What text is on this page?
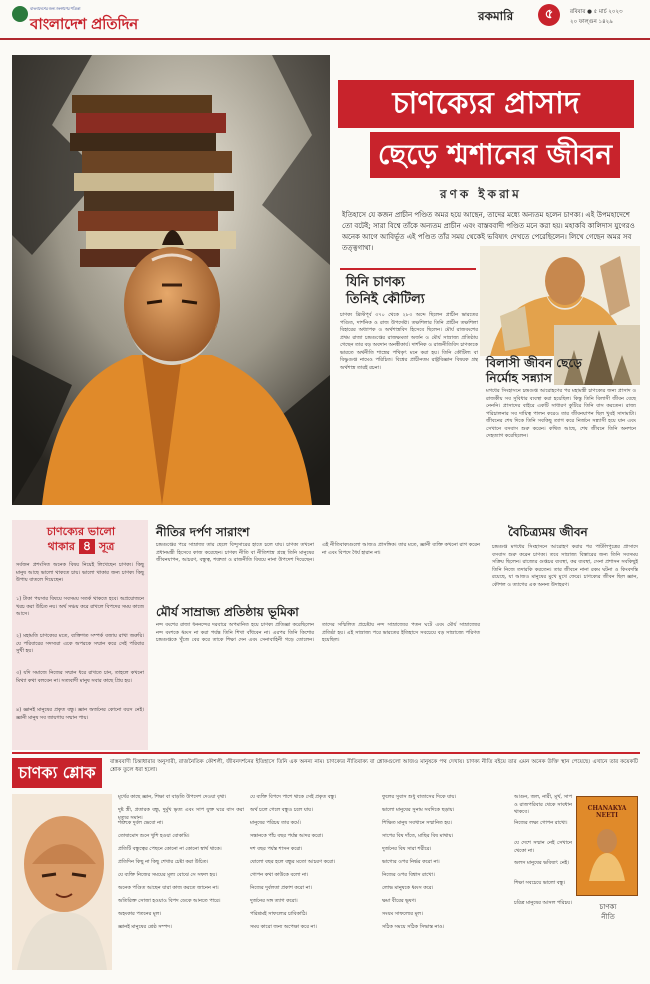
বাংলাদেশের জন্য জনগণের পত্রিকা
বাংলাদেশ প্রতিদিন	রকমারি	৫	রবিবার ● ৫ মার্চ ২০২৩
২০ ফাল্গুন ১৪২৯
চাণক্যের প্রাসাদ
ছেড়ে শ্মশানের জীবন
রণক ইকরাম
ইতিহাসে যে কজন প্রাচীন পণ্ডিত অমর হয়ে আছেন, তাদের মধ্যে অন্যতম হলেন চাণক্য। এই উপমহাদেশে তো বটেই; সারা বিশ্বে তাঁকে অন্যতম প্রাচীন এবং বাস্তববাদী পণ্ডিত মনে করা হয়। মহাকবি কালিদাস যুগেরও অনেক আগে আবির্ভূত এই পণ্ডিত তাঁর সময় থেকেই ভবিষ্যৎ দেখতে পেরেছিলেন। লিখে গেছেন অমর সব তত্ত্বগাথা।
যিনি চাণক্য
তিনিই কৌটিল্য
চাণক্য খ্রিস্টপূর্ব ৩৭০ থেকে ২৮৩ অব্দে ছিলেন প্রাচীন ভারতের পণ্ডিত, দার্শনিক ও রাজ উপদেষ্টা। তক্ষশিলার তিনি প্রাচীন তক্ষশিলা বিহারের অধ্যাপক ও অর্থশাস্ত্রবিদ হিসেবে ছিলেন। মৌর্য রাজবংশের প্রথম রাজা চন্দ্রগুপ্তের রাজক্ষমতা অর্জন ও মৌর্য সাম্রাজ্য প্রতিষ্ঠায় গেছেন তার বড় অবদান অনস্বীকার্য। দার্শনিক ও রাজনীতিবিদ চাণক্যকে ভারতে অর্থনীতি শাস্ত্রের পথিকৃৎ মনে করা হয়। তিনি কৌটিল্য বা বিষ্ণুগুপ্ত নামেও পরিচিত। বিশ্বের প্রাচীনতম রাষ্ট্রবিজ্ঞান বিষয়ক গ্রন্থ অর্থশাস্ত্র তারই রচনা।	বিলাসী জীবন ছেড়ে
নির্মোহ সন্ন্যাস
মগধের সিংহাসনে চন্দ্রগুপ্ত আরোহণের পর মহামন্ত্রী চাণক্যের জন্য প্রাসাদ ও রাজকীয় সব সুবিধার ব্যবস্থা করা হয়েছিল। কিন্তু তিনি বিলাসী জীবন বেছে নেননি। প্রাসাদের বাইরে একটি সাধারণ কুটিরে তিনি বাস করতেন। রাজ্য পরিচালনার সব দায়িত্ব পালন করেও তার জীবনযাপন ছিল খুবই সাদামাটা। জীবনের শেষ দিকে তিনি সবকিছু ত্যাগ করে নির্জনে সন্ন্যাসী হয়ে যান এবং সেখানে বসবাস শুরু করেন। কথিত আছে, শেষ জীবনে তিনি অনশনে দেহত্যাগ করেছিলেন।
চাণক্যের ভালো
থাকার ৪ সূত্র
সর্বজন প্রশংসিত অনেক বিষয় নিয়েই লিখেছেন চাণক্য। কিছু মানুষ আছে ভালো থাকতে চায়। ভালো থাকার জন্য চাণক্য কিছু উপায় বাতলে দিয়েছেন।
১) টাকা পয়সার বিষয়ে সবসময় সতর্ক থাকতে হবে। অপ্রয়োজনে খরচ করা উচিত নয়। অর্থ সঞ্চয় করে রাখলে বিপদের সময় কাজে আসে।
২) মহামতি চাণক্যের মতে, ব্যক্তিগত সম্পর্ক বজায় রাখা জরুরি। যে পরিবারের সদস্যরা একে অপরকে সম্মান করে সেই পরিবার সুখী হয়।
৩) যদি সমাজে নিজের সম্মান ধরে রাখতে চান, তাহলে কখনো মিথ্যা কথা বলবেন না। সত্যবাদী মানুষ সবার কাছে প্রিয় হয়।
৪) জ্ঞানই মানুষের প্রকৃত বন্ধু। জ্ঞান অর্জনের কোনো বয়স নেই। জ্ঞানী মানুষ সব জায়গায় সম্মান পায়।
নীতির দর্পণ সারাংশ
চন্দ্রগুপ্তের পরে সাম্রাজ্য তার ছেলে বিন্দুসারের হাতে চলে যায়। চাণক্য তখনো প্রধানমন্ত্রী হিসেবে কাজ করেছেন। চাণক্য নীতি বা নীতিশাস্ত্র গ্রন্থে তিনি মানুষের জীবনযাপন, আচরণ, বন্ধুত্ব, শত্রুতা ও রাজনীতি বিষয়ে নানা উপদেশ দিয়েছেন। এই নীতিবাক্যগুলো আজও প্রাসঙ্গিক। তার মতে, জ্ঞানী ব্যক্তি কখনো রাগ করেন না এবং বিপদে ধৈর্য হারান না।
মৌর্য সাম্রাজ্য প্রতিষ্ঠায় ভূমিকা
নন্দ বংশের রাজা ধননন্দের দরবারে অপমানিত হয়ে চাণক্য প্রতিজ্ঞা করেছিলেন নন্দ বংশকে ধ্বংস না করা পর্যন্ত তিনি শিখা বাঁধবেন না। এরপর তিনি কিশোর চন্দ্রগুপ্তকে খুঁজে বের করে তাকে শিক্ষা দেন এবং সেনাবাহিনী গড়ে তোলেন। তাদের সম্মিলিত প্রচেষ্টায় নন্দ সাম্রাজ্যের পতন ঘটে এবং মৌর্য সাম্রাজ্যের প্রতিষ্ঠা হয়। এই সাম্রাজ্য পরে ভারতের ইতিহাসে সবচেয়ে বড় সাম্রাজ্যে পরিণত হয়েছিল।
বৈচিত্র্যময় জীবন
চন্দ্রগুপ্ত মগধের সিংহাসনে আরোহণ করার পর পাটলিপুত্রের প্রাসাদে বসবাস শুরু করেন চাণক্য। তবে সাম্রাজ্য বিস্তারের জন্য তিনি সবসময় সক্রিয় ছিলেন। রাজ্যের গুপ্তচর ব্যবস্থা, কর ব্যবস্থা, সেনা প্রশাসন সবকিছুই তিনি নিজে তদারকি করতেন। তার জীবনে নানা রকম ঘটনা ও কিংবদন্তি রয়েছে, যা আজও মানুষের মুখে মুখে ফেরে। চাণক্যের জীবন ছিল জ্ঞান, কৌশল ও ত্যাগের এক অনন্য উদাহরণ।
চাণক্য শ্লোক
বাস্তববাদী চিন্তাধারার অনুসারী, রাজনৈতিক কৌশলী, জীবনদর্শনের ইতিহাসে তিনি এক অনন্য নাম। চাণক্যের নীতিবাক্য বা শ্লোকগুলো আজও মানুষকে পথ দেখায়। চাণক্য নীতি বইয়ে তার এমন অনেক উক্তি স্থান পেয়েছে। এখানে তার কয়েকটি শ্লোক তুলে ধরা হলো।
মূর্খের কাছে জ্ঞান, শিক্ষা বা বাড়তি উপদেশ দেওয়া বৃথা।
দুষ্ট স্ত্রী, প্রতারক বন্ধু, দুর্মুখ ভৃত্য এবং সাপ যুক্ত ঘরে বাস করা মৃত্যুর সমান।
শত্রুকে দুর্বল ভেবো না।
তোষামোদ শুনে খুশি হওয়া বোকামি।
প্রতিটি বন্ধুত্বের পেছনে কোনো না কোনো স্বার্থ থাকে।
প্রতিদিন কিছু না কিছু শেখার চেষ্টা করা উচিত।
যে ব্যক্তি নিজের সময়ের মূল্য বোঝে সে সফল হয়।
অনেক পণ্ডিত আছেন যারা কাজ করতে জানেন না।
অতিরিক্ত সোজা হওয়াও বিপদ ডেকে আনতে পারে।
অহংকার পতনের মূল।
জ্ঞানই মানুষের শ্রেষ্ঠ সম্পদ।
যে ব্যক্তি বিপদে পাশে থাকে সেই প্রকৃত বন্ধু।
অর্থ চলে গেলে বন্ধুও চলে যায়।
মানুষের পরিচয় তার কর্মে।
সন্তানকে পাঁচ বছর পর্যন্ত আদর করো।
দশ বছর পর্যন্ত শাসন করো।
ষোলো বছর হলে বন্ধুর মতো আচরণ করো।
গোপন কথা কাউকে বলো না।
নিজের দুর্বলতা প্রকাশ করো না।
দুর্জনের সঙ্গ ত্যাগ করো।
পরিশ্রমই সাফল্যের চাবিকাঠি।
সময় কারো জন্য অপেক্ষা করে না।
ফুলের সুবাস শুধু বাতাসের দিকে যায়।
ভালো মানুষের সুনাম সবদিকে ছড়ায়।
শিক্ষিত মানুষ সবখানে সম্মানিত হয়।
সাপের বিষ দাঁতে, মাছির বিষ মাথায়।
দুর্জনের বিষ সারা শরীরে।
ভাগ্যের ওপর নির্ভর করো না।
নিজের ওপর বিশ্বাস রাখো।
লোভ মানুষকে ধ্বংস করে।
ক্ষমা বীরের ভূষণ।
সংযম সাফল্যের মূল।
সঠিক সময়ে সঠিক সিদ্ধান্ত নাও।
আগুন, জল, নারী, মূর্খ, সাপ ও রাজপরিবার থেকে সাবধান থাকবে।
নিজের লক্ষ্য গোপন রাখো।
যে দেশে সম্মান নেই সেখানে থেকো না।
অলস মানুষের ভবিষ্যৎ নেই।
শিক্ষা সবচেয়ে ভালো বন্ধু।
চরিত্র মানুষের আসল পরিচয়।
CHANAKYA NEETI
চাণক্য
নীতি
